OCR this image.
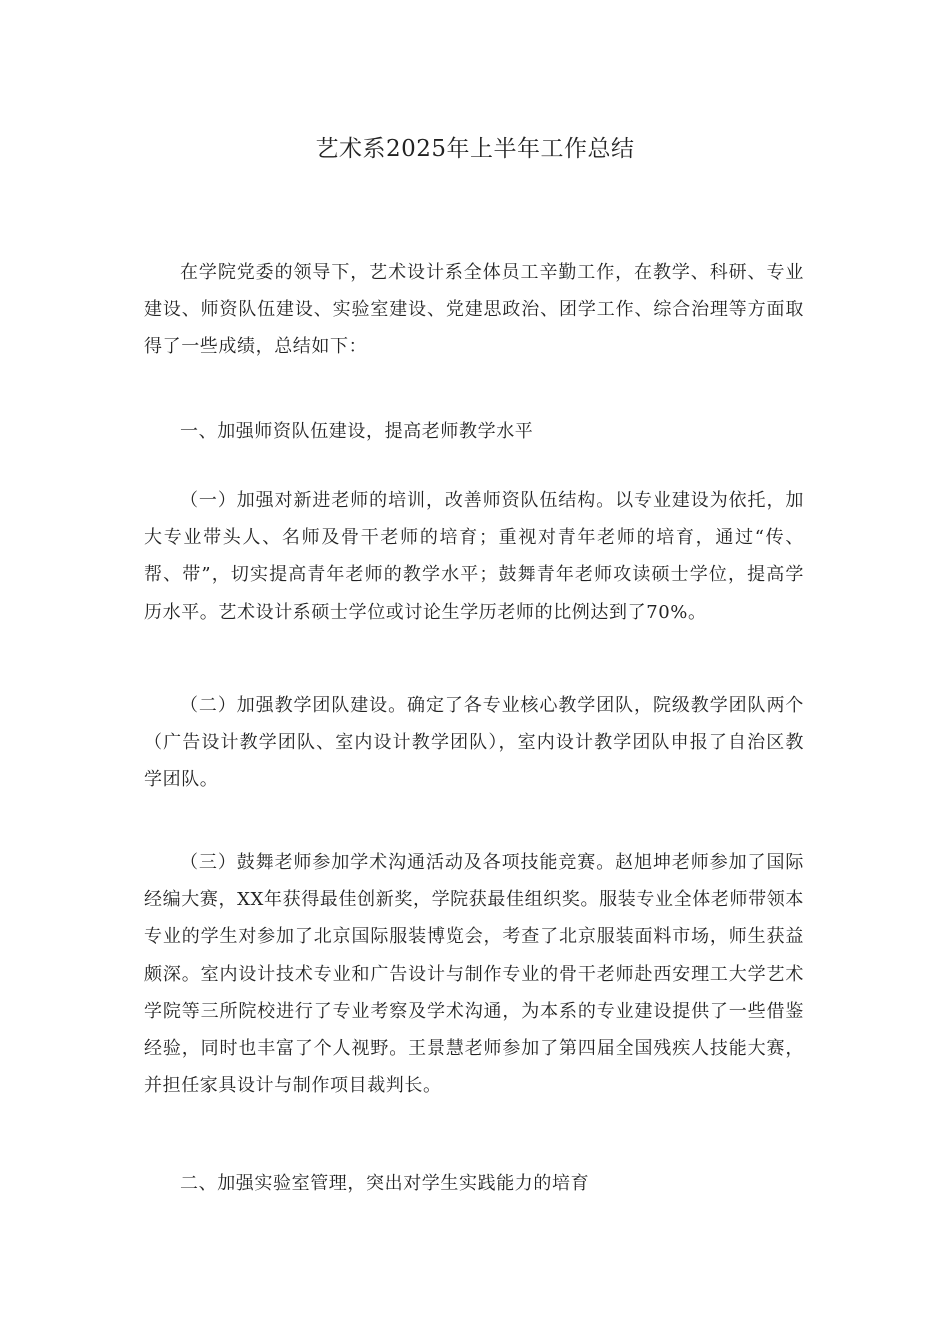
艺术系2025年上半年工作总结

在学院党委的领导下，艺术设计系全体员工辛勤工作，在教学、科研、专业建设、师资队伍建设、实验室建设、党建思政治、团学工作、综合治理等方面取得了一些成绩，总结如下：

一、加强师资队伍建设，提高老师教学水平

（一）加强对新进老师的培训，改善师资队伍结构。以专业建设为依托，加大专业带头人、名师及骨干老师的培育；重视对青年老师的培育，通过“传、帮、带”，切实提高青年老师的教学水平；鼓舞青年老师攻读硕士学位，提高学历水平。艺术设计系硕士学位或讨论生学历老师的比例达到了70%。

（二）加强教学团队建设。确定了各专业核心教学团队，院级教学团队两个（广告设计教学团队、室内设计教学团队），室内设计教学团队申报了自治区教学团队。

（三）鼓舞老师参加学术沟通活动及各项技能竞赛。赵旭坤老师参加了国际经编大赛，XX年获得最佳创新奖，学院获最佳组织奖。服装专业全体老师带领本专业的学生对参加了北京国际服装博览会，考查了北京服装面料市场，师生获益颇深。室内设计技术专业和广告设计与制作专业的骨干老师赴西安理工大学艺术学院等三所院校进行了专业考察及学术沟通，为本系的专业建设提供了一些借鉴经验，同时也丰富了个人视野。王景慧老师参加了第四届全国残疾人技能大赛，并担任家具设计与制作项目裁判长。

二、加强实验室管理，突出对学生实践能力的培育
